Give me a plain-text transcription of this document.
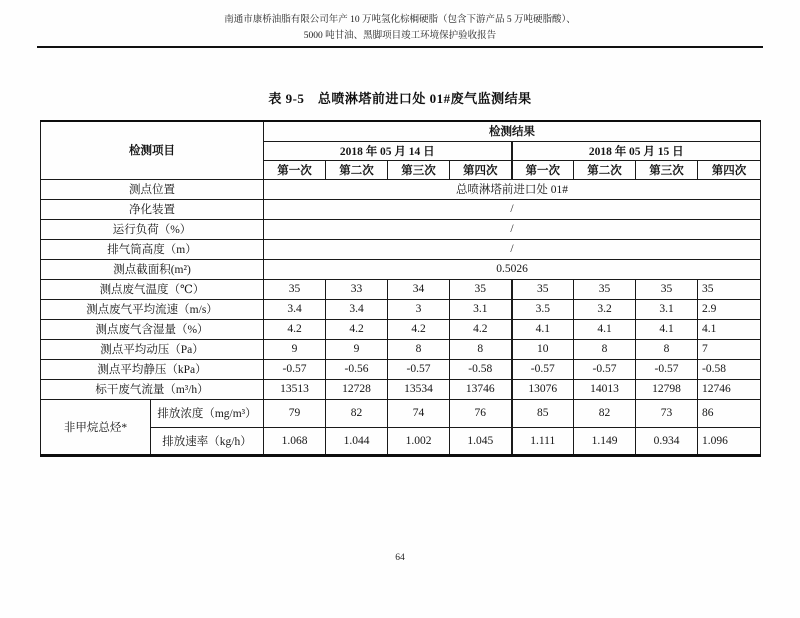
南通市康桥油脂有限公司年产 10 万吨氢化棕榈硬脂（包含下游产品 5 万吨硬脂酸）、
5000 吨甘油、黑脚项目竣工环境保护验收报告
表 9-5　总喷淋塔前进口处 01#废气监测结果
检测项目		检测结果							
		2018 年 05 月 14 日				2018 年 05 月 15 日			
		第一次	第二次	第三次	第四次	第一次	第二次	第三次	第四次
测点位置		总喷淋塔前进口处 01#							
净化装置		/							
运行负荷（%）		/							
排气筒高度（m）		/							
测点截面积(m²)		0.5026							
测点废气温度（℃）		35	33	34	35	35	35	35	35
测点废气平均流速（m/s）		3.4	3.4	3	3.1	3.5	3.2	3.1	2.9
测点废气含湿量（%）		4.2	4.2	4.2	4.2	4.1	4.1	4.1	4.1
测点平均动压（Pa）		9	9	8	8	10	8	8	7
测点平均静压（kPa）		-0.57	-0.56	-0.57	-0.58	-0.57	-0.57	-0.57	-0.58
标干废气流量（m³/h）		13513	12728	13534	13746	13076	14013	12798	12746
非甲烷总烃*	排放浓度（mg/m³）	79	82	74	76	85	82	73	86
	排放速率（kg/h）	1.068	1.044	1.002	1.045	1.111	1.149	0.934	1.096
64
